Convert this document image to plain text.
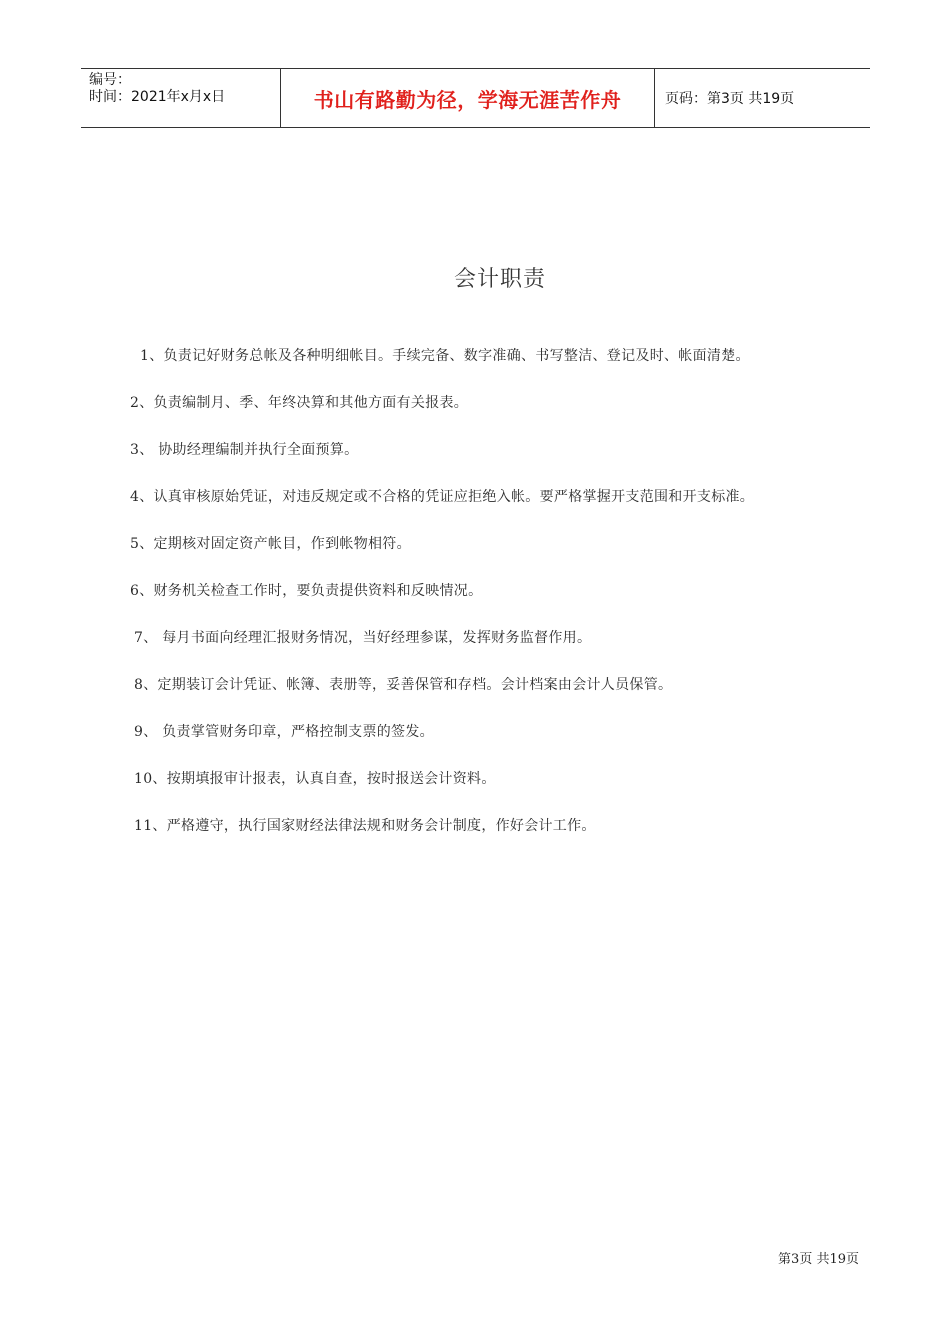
编号：
时间：2021年x月x日	书山有路勤为径，学海无涯苦作舟	页码：第3页 共19页
会计职责
1、负责记好财务总帐及各种明细帐目。手续完备、数字准确、书写整洁、登记及时、帐面清楚。
2、负责编制月、季、年终决算和其他方面有关报表。
3、 协助经理编制并执行全面预算。
4、认真审核原始凭证，对违反规定或不合格的凭证应拒绝入帐。要严格掌握开支范围和开支标准。
5、定期核对固定资产帐目，作到帐物相符。
6、财务机关检查工作时，要负责提供资料和反映情况。
7、 每月书面向经理汇报财务情况，当好经理参谋，发挥财务监督作用。
8、定期装订会计凭证、帐簿、表册等，妥善保管和存档。会计档案由会计人员保管。
9、 负责掌管财务印章，严格控制支票的签发。
10、按期填报审计报表，认真自查，按时报送会计资料。
11、严格遵守，执行国家财经法律法规和财务会计制度，作好会计工作。
第3页 共19页
